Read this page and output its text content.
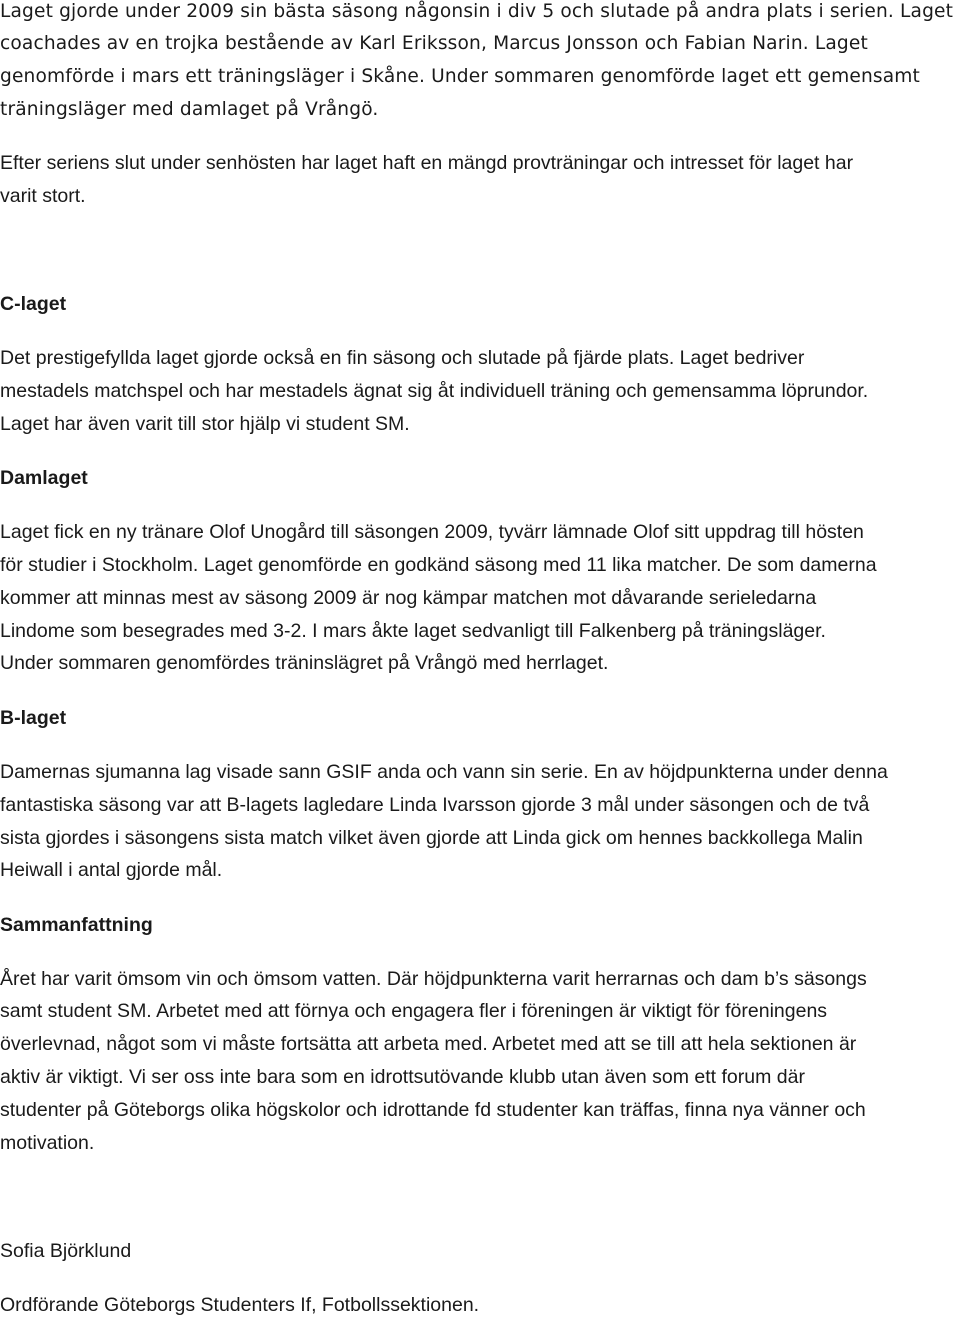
Laget gjorde under 2009 sin bästa säsong någonsin i div 5 och slutade på andra plats i serien. Laget
coachades av en trojka bestående av Karl Eriksson, Marcus Jonsson och Fabian Narin. Laget
genomförde i mars ett träningsläger i Skåne. Under sommaren genomförde laget ett gemensamt
träningsläger med damlaget på Vrångö.
Efter seriens slut under senhösten har laget haft en mängd provträningar och intresset för laget har
varit stort.
C-laget
Det prestigefyllda laget gjorde också en fin säsong och slutade på fjärde plats. Laget bedriver
mestadels matchspel och har mestadels ägnat sig åt individuell träning och gemensamma löprundor.
Laget har även varit till stor hjälp vi student SM.
Damlaget
Laget fick en ny tränare Olof Unogård till säsongen 2009, tyvärr lämnade Olof sitt uppdrag till hösten
för studier i Stockholm. Laget genomförde en godkänd säsong med 11 lika matcher. De som damerna
kommer att minnas mest av säsong 2009 är nog kämpar matchen mot dåvarande serieledarna
Lindome som besegrades med 3-2. I mars åkte laget sedvanligt till Falkenberg på träningsläger.
Under sommaren genomfördes träninslägret på Vrångö med herrlaget.
B-laget
Damernas sjumanna lag visade sann GSIF anda och vann sin serie. En av höjdpunkterna under denna
fantastiska säsong var att B-lagets lagledare Linda Ivarsson gjorde 3 mål under säsongen och de två
sista gjordes i säsongens sista match vilket även gjorde att Linda gick om hennes backkollega Malin
Heiwall i antal gjorde mål.
Sammanfattning
Året har varit ömsom vin och ömsom vatten. Där höjdpunkterna varit herrarnas och dam b’s säsongs
samt student SM. Arbetet med att förnya och engagera fler i föreningen är viktigt för föreningens
överlevnad, något som vi måste fortsätta att arbeta med. Arbetet med att se till att hela sektionen är
aktiv är viktigt. Vi ser oss inte bara som en idrottsutövande klubb utan även som ett forum där
studenter på Göteborgs olika högskolor och idrottande fd studenter kan träffas, finna nya vänner och
motivation.
Sofia Björklund
Ordförande Göteborgs Studenters If, Fotbollssektionen.
